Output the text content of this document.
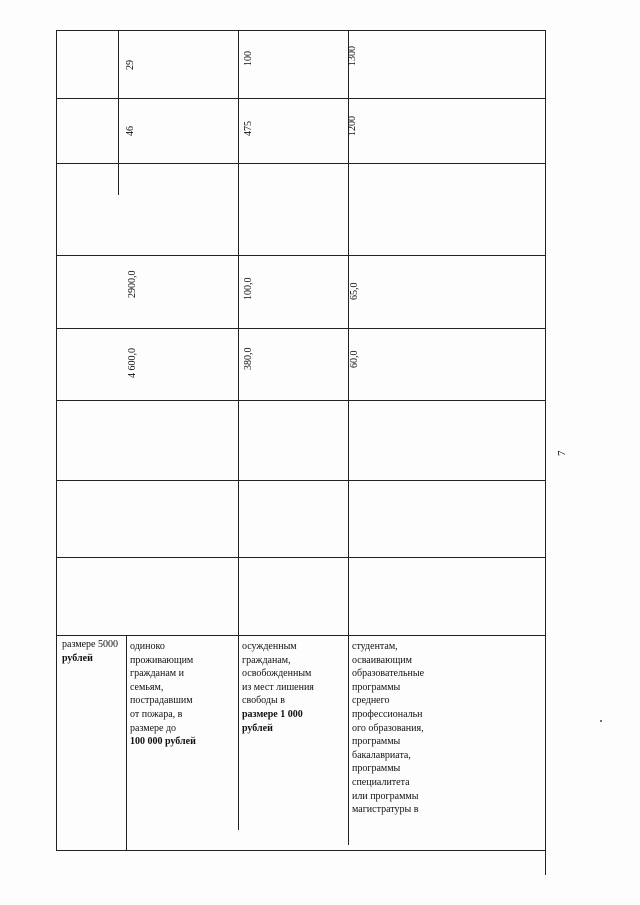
размере 5000
рублей
одиноко
проживающим
гражданам и
семьям,
пострадавшим
от пожара, в
размере до
100 000 рублей
осужденным
гражданам,
освобожденным
из мест лишения
свободы в
размере 1 000
рублей
студентам,
осваивающим
образовательные
программы
среднего
профессиональн
ого образования,
программы
бакалавриата,
программы
специалитета
или программы
магистратуры в
4 600,0
2900,0
46
29
380,0
100,0
475
100
60,0
65,0
1200
1300
7
